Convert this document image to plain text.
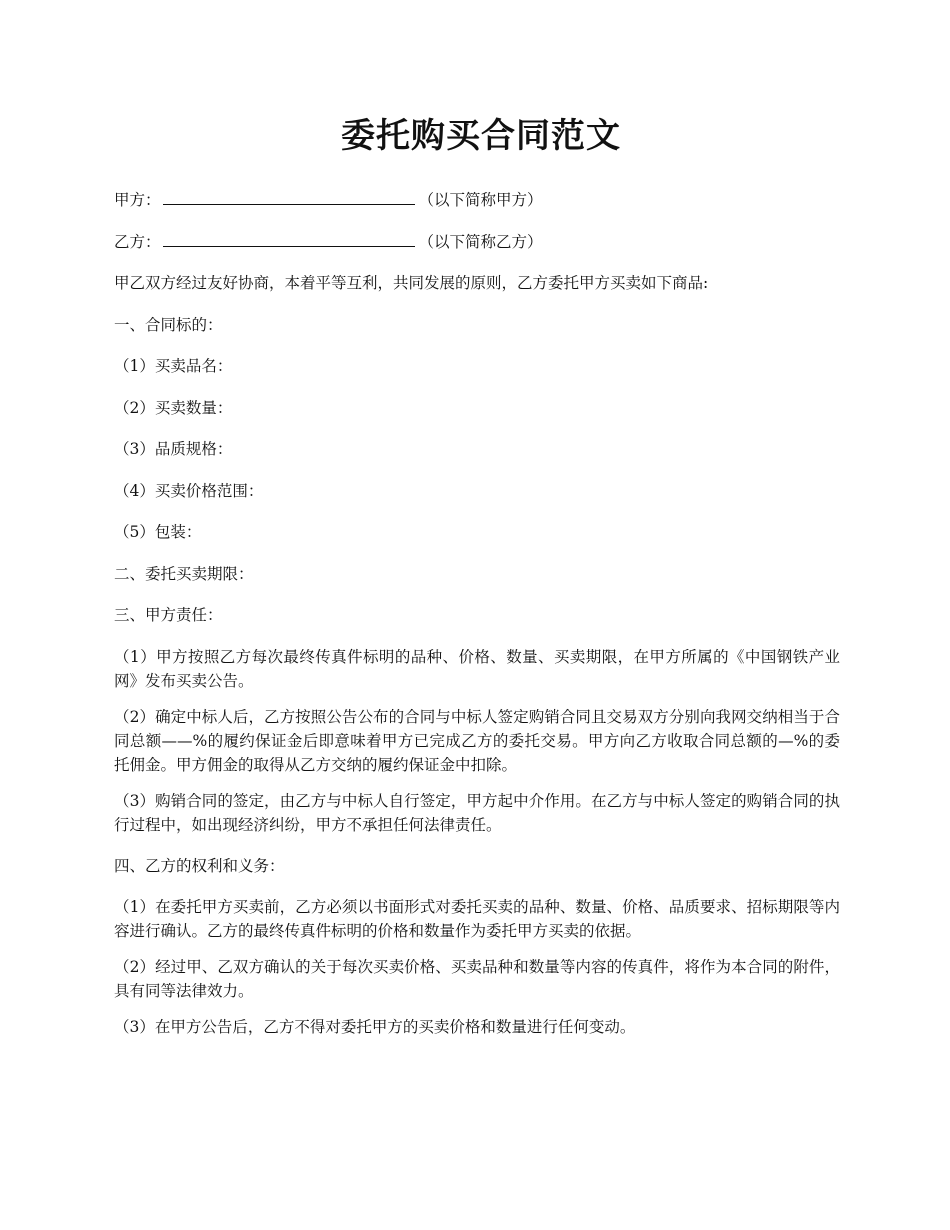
委托购买合同范文
甲方：	（以下简称甲方）
乙方：	（以下简称乙方）
甲乙双方经过友好协商，本着平等互利，共同发展的原则，乙方委托甲方买卖如下商品:
一、合同标的：
（1）买卖品名：
（2）买卖数量：
（3）品质规格：
（4）买卖价格范围：
（5）包装：
二、委托买卖期限：
三、甲方责任：

（1）甲方按照乙方每次最终传真件标明的品种、价格、数量、买卖期限，在甲方所属的《中国钢铁产业网》发布买卖公告。

（2）确定中标人后，乙方按照公告公布的合同与中标人签定购销合同且交易双方分别向我网交纳相当于合同总额——%的履约保证金后即意味着甲方已完成乙方的委托交易。甲方向乙方收取合同总额的—%的委托佣金。甲方佣金的取得从乙方交纳的履约保证金中扣除。

（3）购销合同的签定，由乙方与中标人自行签定，甲方起中介作用。在乙方与中标人签定的购销合同的执行过程中，如出现经济纠纷，甲方不承担任何法律责任。

四、乙方的权利和义务：

（1）在委托甲方买卖前，乙方必须以书面形式对委托买卖的品种、数量、价格、品质要求、招标期限等内容进行确认。乙方的最终传真件标明的价格和数量作为委托甲方买卖的依据。

（2）经过甲、乙双方确认的关于每次买卖价格、买卖品种和数量等内容的传真件，将作为本合同的附件，具有同等法律效力。

（3）在甲方公告后，乙方不得对委托甲方的买卖价格和数量进行任何变动。
